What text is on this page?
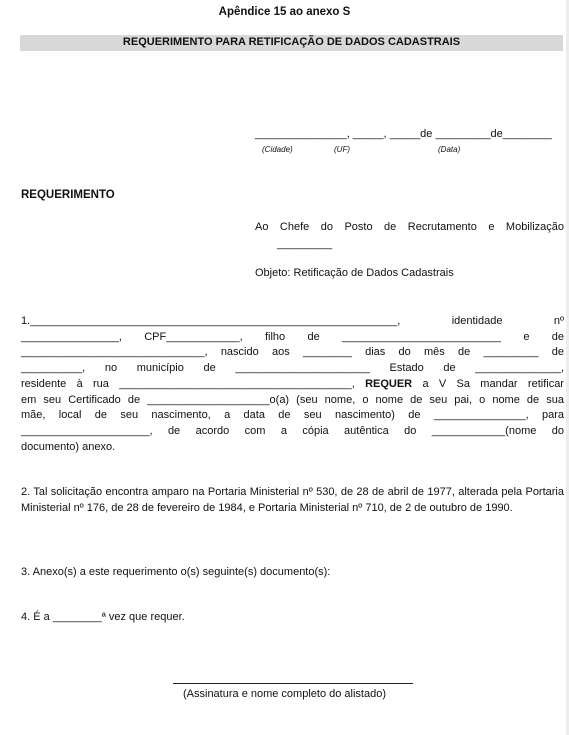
Apêndice 15 ao anexo S
REQUERIMENTO PARA RETIFICAÇÃO DE DADOS CADASTRAIS
_______________, _____, _____de _________de________
(Cidade)	(UF)	(Data)
REQUERIMENTO
Ao Chefe do Posto de Recrutamento e Mobilização
_________
Objeto: Retificação de Dados Cadastrais
1.____________________________________________________________, identidade nº
________________, CPF____________, filho de __________________________ e de
______________________________, nascido aos ________ dias do mês de _________ de
__________, no município de ______________________ Estado de ______________,
residente à rua ______________________________________, REQUER a V Sa mandar retificar
em seu Certificado de ____________________o(a) (seu nome, o nome de seu pai, o nome de sua
mãe, local de seu nascimento, a data de seu nascimento) de _______________, para
_____________________, de acordo com a cópia autêntica do ____________(nome do
documento) anexo.
2. Tal solicitação encontra amparo na Portaria Ministerial nº 530, de 28 de abril de 1977, alterada pela Portaria Ministerial nº 176, de 28 de fevereiro de 1984, e Portaria Ministerial nº 710, de 2 de outubro de 1990.
3. Anexo(s) a este requerimento o(s) seguinte(s) documento(s):
4. É a ________ª vez que requer.
(Assinatura e nome completo do alistado)
